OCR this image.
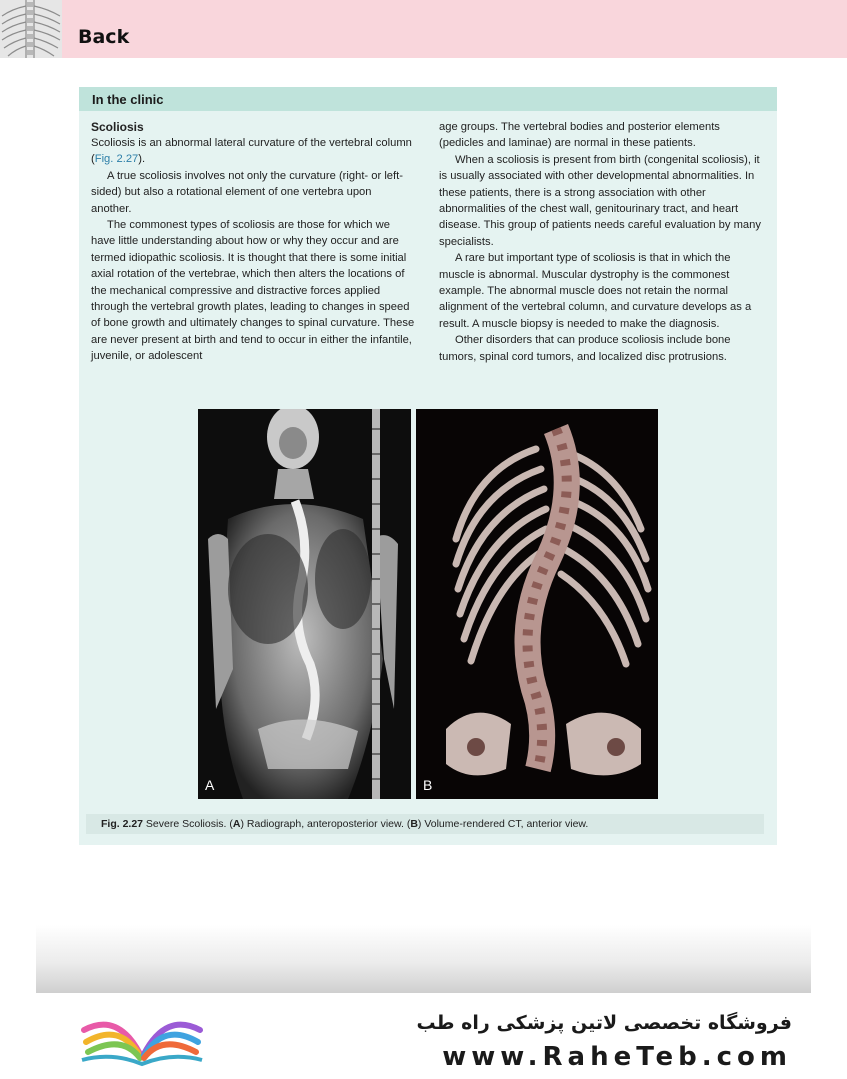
Back
In the clinic
Scoliosis

Scoliosis is an abnormal lateral curvature of the vertebral column (Fig. 2.27).

A true scoliosis involves not only the curvature (right- or left-sided) but also a rotational element of one vertebra upon another.

The commonest types of scoliosis are those for which we have little understanding about how or why they occur and are termed idiopathic scoliosis. It is thought that there is some initial axial rotation of the vertebrae, which then alters the locations of the mechanical compressive and distractive forces applied through the vertebral growth plates, leading to changes in speed of bone growth and ultimately changes to spinal curvature. These are never present at birth and tend to occur in either the infantile, juvenile, or adolescent

age groups. The vertebral bodies and posterior elements (pedicles and laminae) are normal in these patients.

When a scoliosis is present from birth (congenital scoliosis), it is usually associated with other developmental abnormalities. In these patients, there is a strong association with other abnormalities of the chest wall, genitourinary tract, and heart disease. This group of patients needs careful evaluation by many specialists.

A rare but important type of scoliosis is that in which the muscle is abnormal. Muscular dystrophy is the commonest example. The abnormal muscle does not retain the normal alignment of the vertebral column, and curvature develops as a result. A muscle biopsy is needed to make the diagnosis.

Other disorders that can produce scoliosis include bone tumors, spinal cord tumors, and localized disc protrusions.

A	B
Fig. 2.27 Severe Scoliosis. (A) Radiograph, anteroposterior view. (B) Volume-rendered CT, anterior view.
فروشگاه تخصصی لاتین پزشکی راه طب
www.RaheTeb.com
